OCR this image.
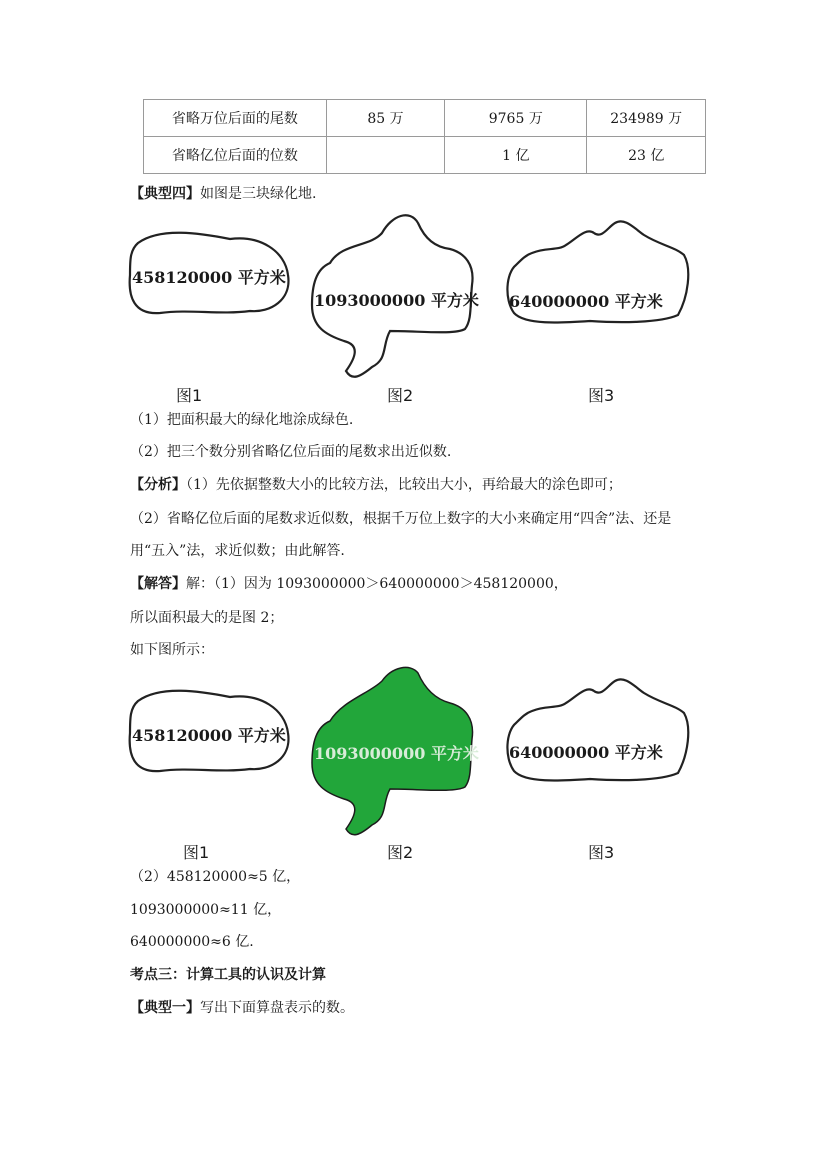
省略万位后面的尾数	85 万	9765 万	234989 万
省略亿位后面的位数		1 亿	23 亿
【典型四】如图是三块绿化地.
458120000 平方米
1093000000 平方米 640000000 平方米
图1	图2	图3
（1）把面积最大的绿化地涂成绿色.
（2）把三个数分别省略亿位后面的尾数求出近似数.
【分析】（1）先依据整数大小的比较方法，比较出大小，再给最大的涂色即可；
（2）省略亿位后面的尾数求近似数，根据千万位上数字的大小来确定用“四舍”法、还是
用“五入”法，求近似数；由此解答.
【解答】解：（1）因为 1093000000＞640000000＞458120000，
所以面积最大的是图 2；
如下图所示：
458120000 平方米
1093000000 平方米 640000000 平方米
图1	图2	图3
（2）458120000≈5 亿，
1093000000≈11 亿，
640000000≈6 亿.
考点三：计算工具的认识及计算
【典型一】写出下面算盘表示的数。
